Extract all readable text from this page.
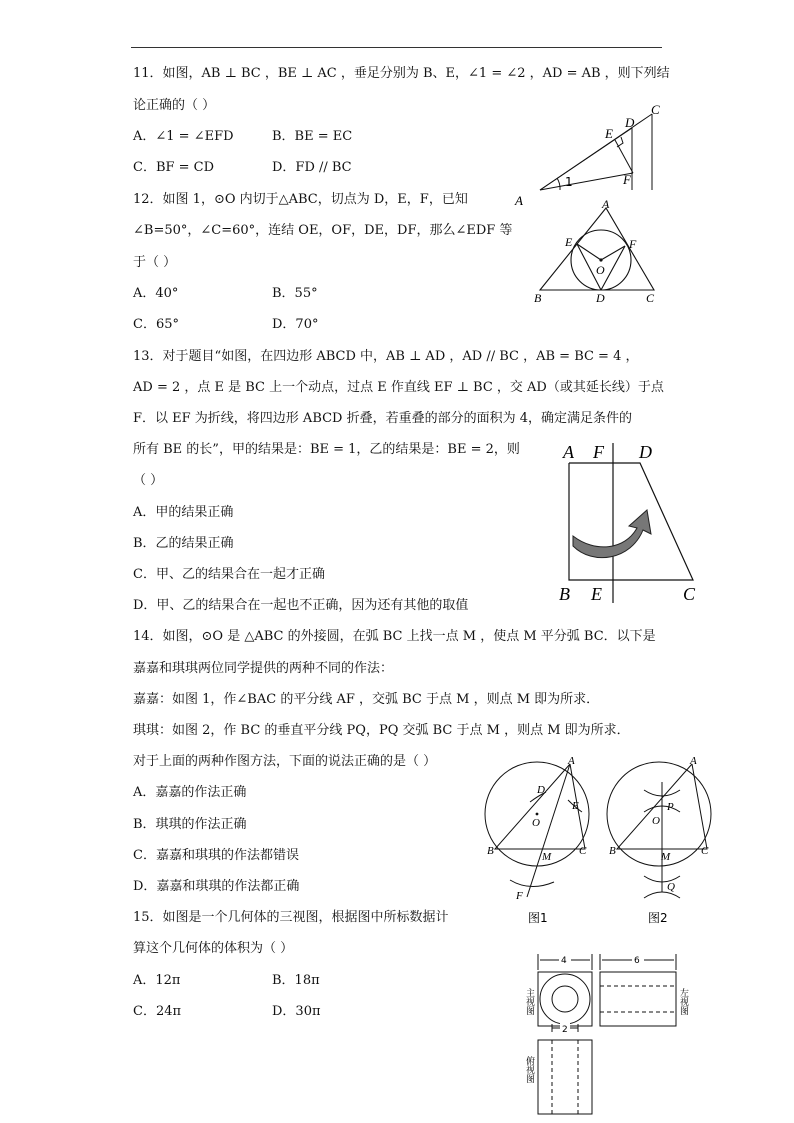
11．如图，AB ⊥ BC ，BE ⊥ AC ，垂足分别为 B、E，∠1 = ∠2 ，AD = AB ，则下列结
论正确的（ ）
A．∠1 = ∠EFD	B．BE = EC
C．BF = CD	D．FD // BC
C
D
E
F
1
A
12．如图 1，⊙O 内切于△ABC，切点为 D，E，F，已知
∠B=50°，∠C=60°，连结 OE，OF，DE，DF，那么∠EDF 等
于（ ）
A．40°	B．55°
C．65°	D．70°
A
E	F
O
B	D	C
13．对于题目“如图，在四边形 ABCD 中，AB ⊥ AD ，AD // BC ，AB = BC = 4 ，
AD = 2 ，点 E 是 BC 上一个动点，过点 E 作直线 EF ⊥ BC ，交 AD（或其延长线）于点
F．以 EF 为折线，将四边形 ABCD 折叠，若重叠的部分的面积为 4，确定满足条件的
所有 BE 的长”，甲的结果是：BE = 1，乙的结果是：BE = 2，则
（ ）
A．甲的结果正确
B．乙的结果正确
C．甲、乙的结果合在一起才正确
D．甲、乙的结果合在一起也不正确，因为还有其他的取值
A F D
B E	C
14．如图，⊙O 是 △ABC 的外接圆，在弧 BC 上找一点 M ，使点 M 平分弧 BC．以下是
嘉嘉和琪琪两位同学提供的两种不同的作法：
嘉嘉：如图 1，作∠BAC 的平分线 AF ，交弧 BC 于点 M ，则点 M 即为所求．
琪琪：如图 2，作 BC 的垂直平分线 PQ，PQ 交弧 BC 于点 M ，则点 M 即为所求．
对于上面的两种作图方法，下面的说法正确的是（ ）
A．嘉嘉的作法正确
B．琪琪的作法正确
C．嘉嘉和琪琪的作法都错误
D．嘉嘉和琪琪的作法都正确
A
D
E
O
B	M	C
F
图1
A
P
O
B	M	C
Q
图2
15．如图是一个几何体的三视图，根据图中所标数据计
算这个几何体的体积为（ ）
A．12π	B．18π
C．24π	D．30π
4	6
2
主视图	左视图
俯视图
